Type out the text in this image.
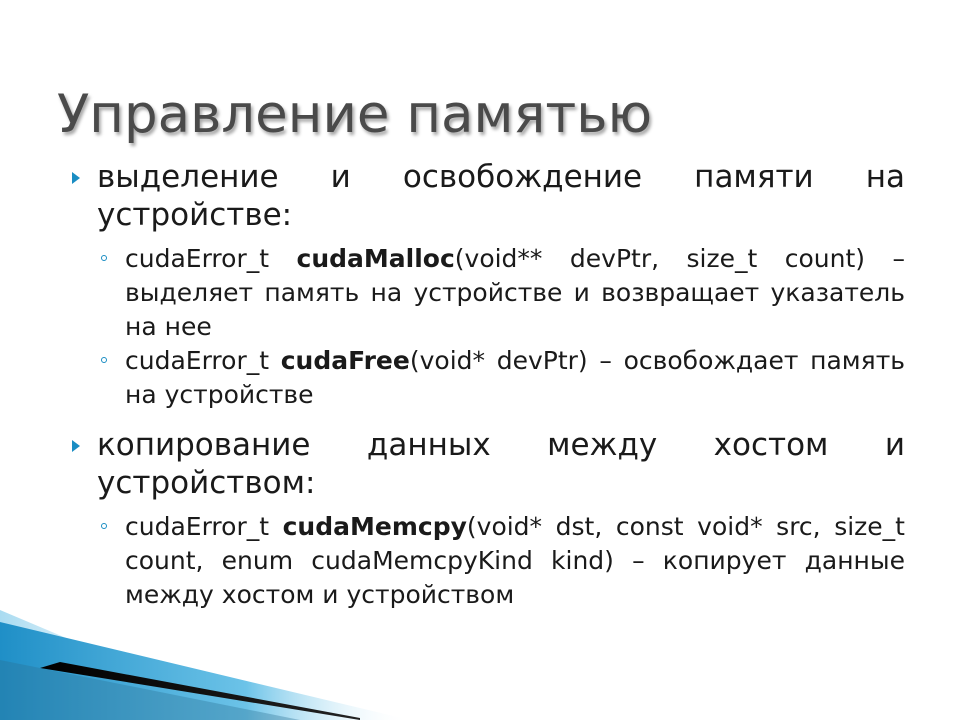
Управление памятью
выделение и освобождение памяти на устройстве:
cudaError_t cudaMalloc(void** devPtr, size_t count) – выделяет память на устройстве и возвращает указатель на нее
cudaError_t cudaFree(void* devPtr) – освобождает память на устройстве
копирование данных между хостом и устройством:
cudaError_t cudaMemcpy(void* dst, const void* src, size_t count, enum cudaMemcpyKind kind) – копирует данные между хостом и устройством
